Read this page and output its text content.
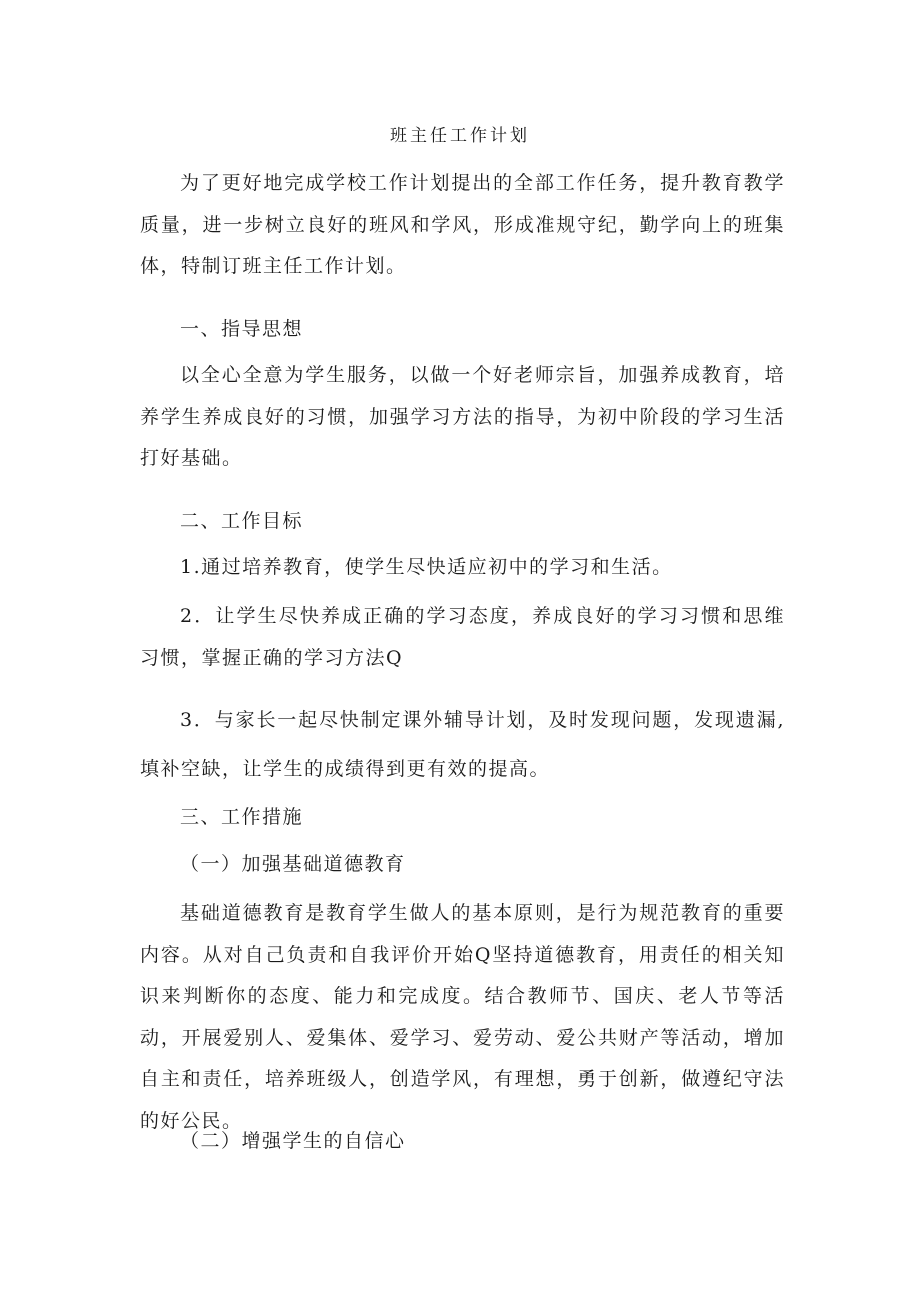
班主任工作计划

为了更好地完成学校工作计划提出的全部工作任务，提升教育教学质量，进一步树立良好的班风和学风，形成准规守纪，勤学向上的班集体，特制订班主任工作计划。

一、指导思想

以全心全意为学生服务，以做一个好老师宗旨，加强养成教育，培养学生养成良好的习惯，加强学习方法的指导，为初中阶段的学习生活打好基础。

二、工作目标

1.通过培养教育，使学生尽快适应初中的学习和生活。

2．让学生尽快养成正确的学习态度，养成良好的学习习惯和思维习惯，掌握正确的学习方法Q

3．与家长一起尽快制定课外辅导计划，及时发现问题，发现遗漏,填补空缺，让学生的成绩得到更有效的提高。

三、工作措施
（一）加强基础道德教育

基础道德教育是教育学生做人的基本原则，是行为规范教育的重要内容。从对自己负责和自我评价开始Q坚持道德教育，用责任的相关知识来判断你的态度、能力和完成度。结合教师节、国庆、老人节等活动，开展爱别人、爱集体、爱学习、爱劳动、爱公共财产等活动，增加自主和责任，培养班级人，创造学风，有理想，勇于创新，做遵纪守法的好公民。

（二）增强学生的自信心
